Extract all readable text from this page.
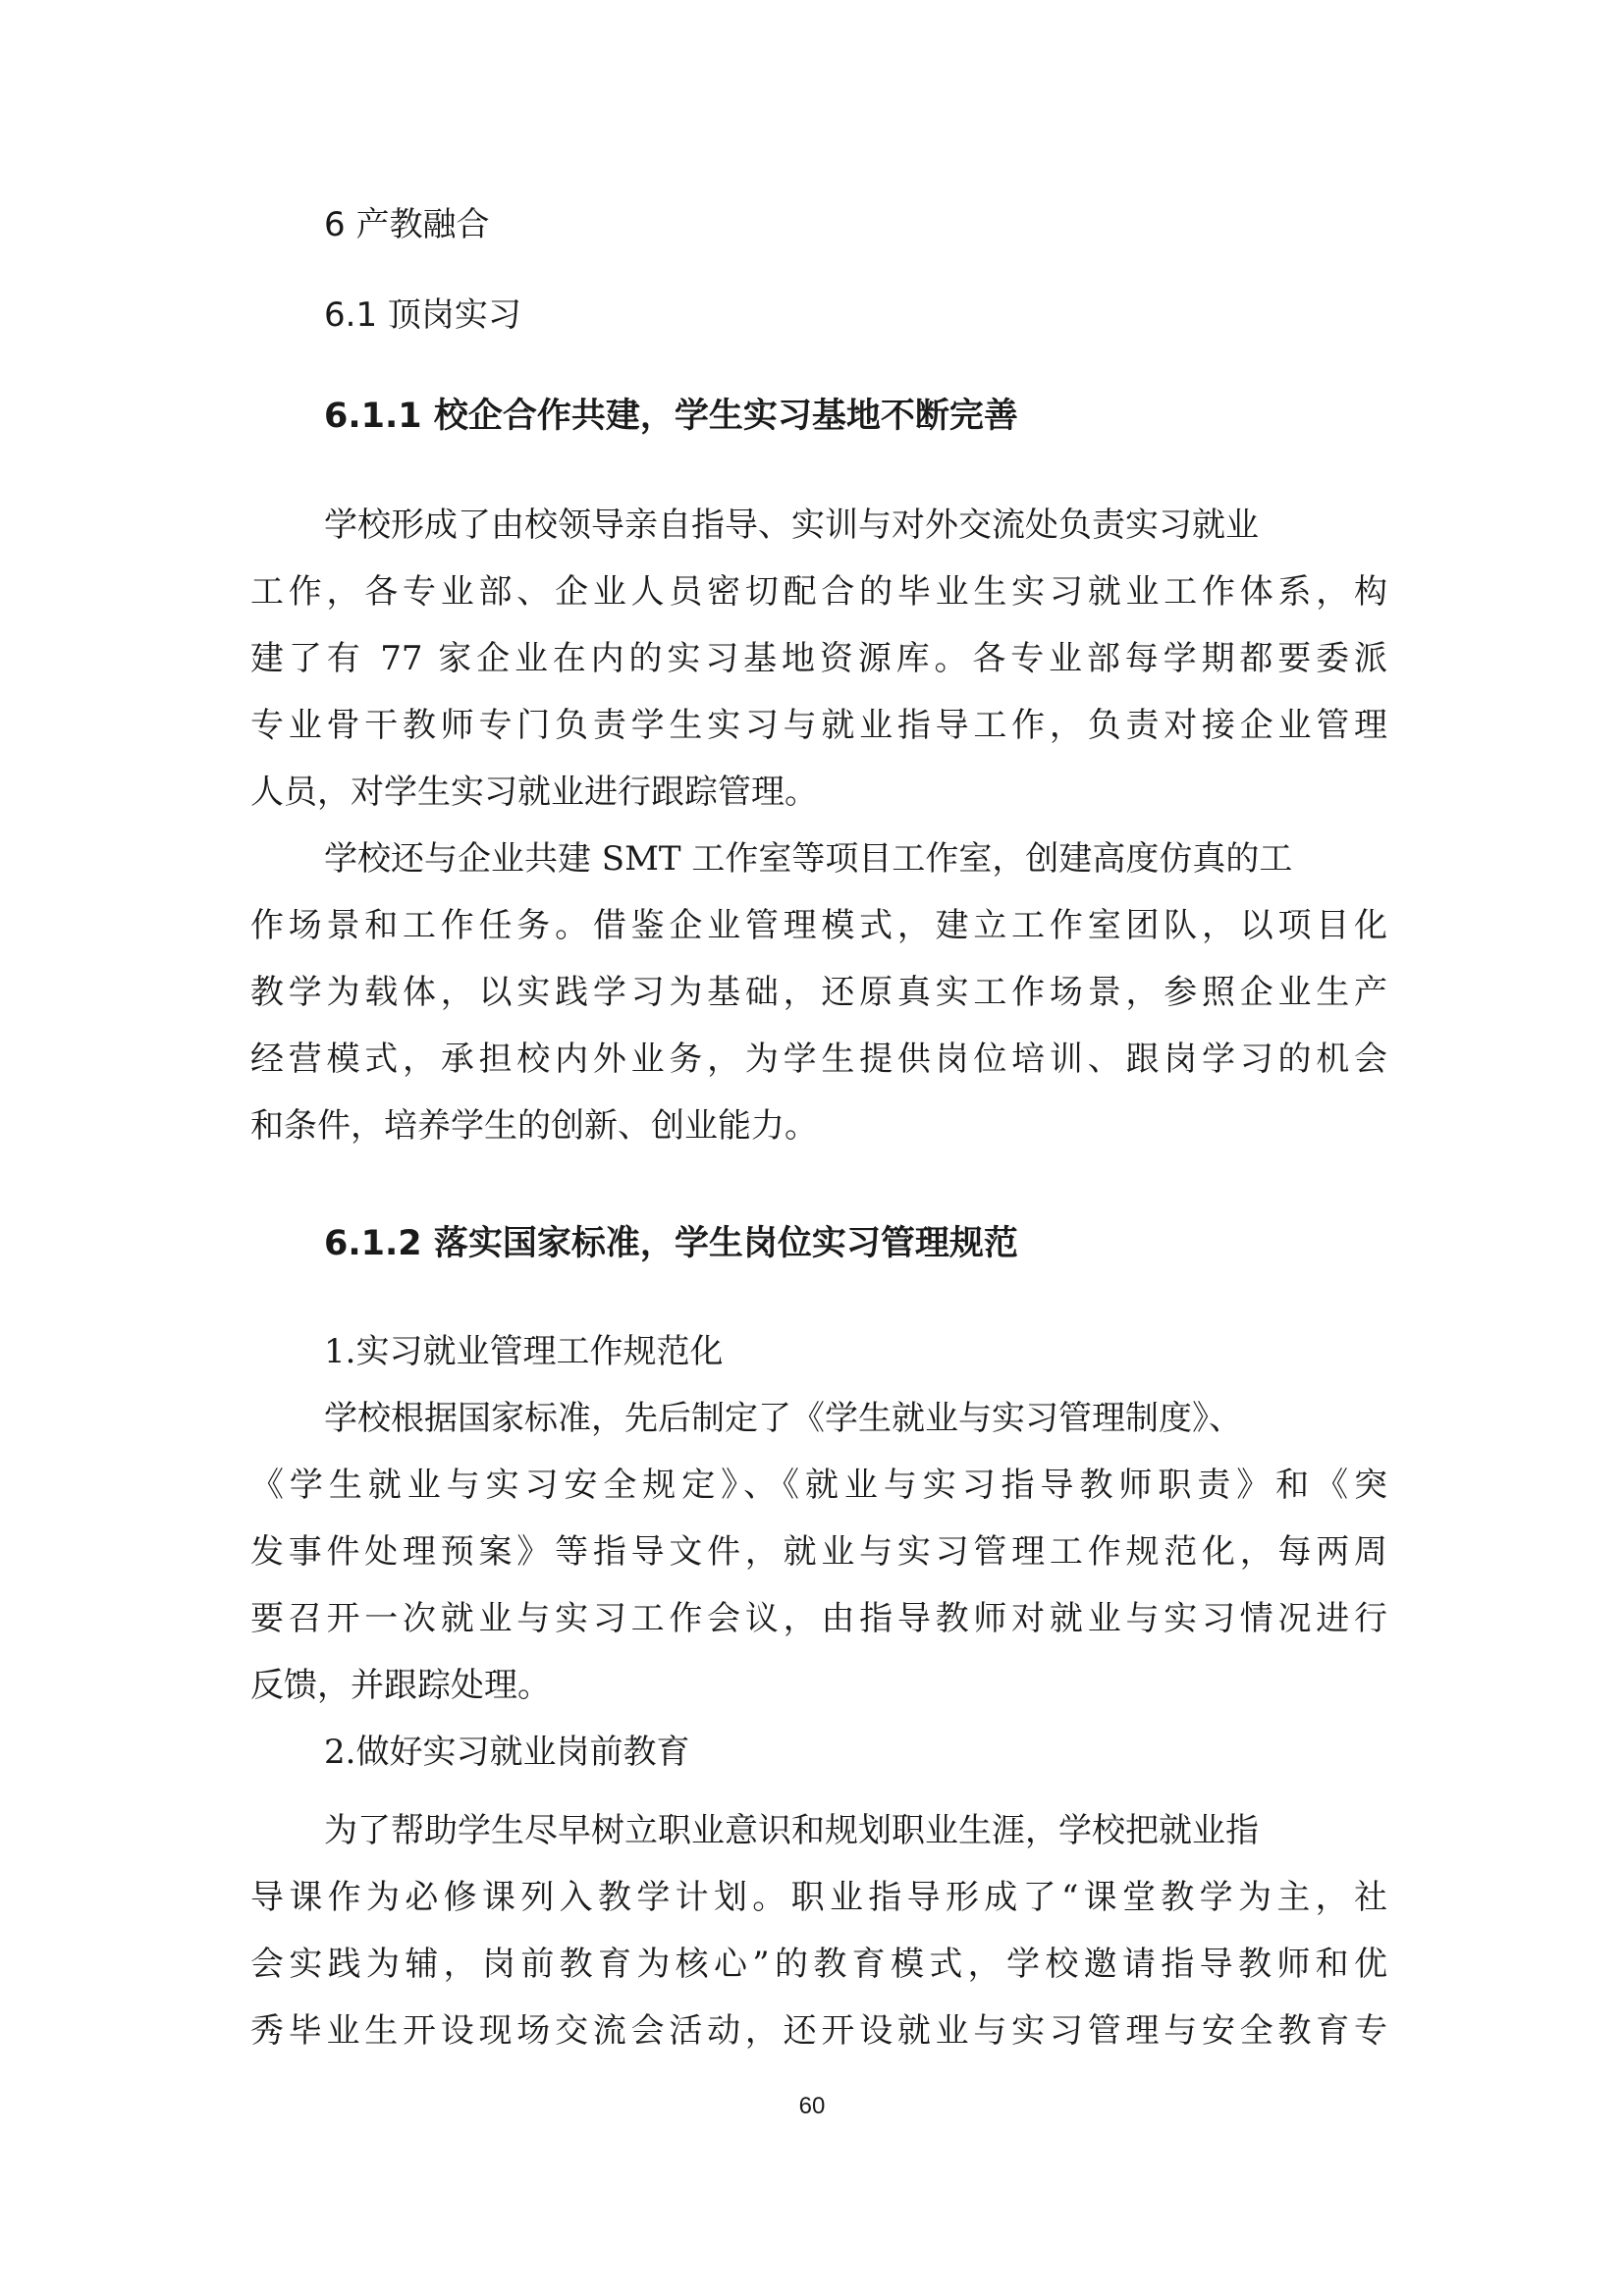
6 产教融合
6.1 顶岗实习
6.1.1 校企合作共建，学生实习基地不断完善
学校形成了由校领导亲自指导、实训与对外交流处负责实习就业
工作，各专业部、企业人员密切配合的毕业生实习就业工作体系，构
建了有 77 家企业在内的实习基地资源库。各专业部每学期都要委派
专业骨干教师专门负责学生实习与就业指导工作，负责对接企业管理
人员，对学生实习就业进行跟踪管理。
学校还与企业共建 SMT 工作室等项目工作室，创建高度仿真的工
作场景和工作任务。借鉴企业管理模式，建立工作室团队，以项目化
教学为载体，以实践学习为基础，还原真实工作场景，参照企业生产
经营模式，承担校内外业务，为学生提供岗位培训、跟岗学习的机会
和条件，培养学生的创新、创业能力。
6.1.2 落实国家标准，学生岗位实习管理规范
1.实习就业管理工作规范化
学校根据国家标准，先后制定了《学生就业与实习管理制度》、
《学生就业与实习安全规定》、《就业与实习指导教师职责》和《突
发事件处理预案》等指导文件，就业与实习管理工作规范化，每两周
要召开一次就业与实习工作会议，由指导教师对就业与实习情况进行
反馈，并跟踪处理。
2.做好实习就业岗前教育
为了帮助学生尽早树立职业意识和规划职业生涯，学校把就业指
导课作为必修课列入教学计划。职业指导形成了“课堂教学为主，社
会实践为辅，岗前教育为核心”的教育模式，学校邀请指导教师和优
秀毕业生开设现场交流会活动，还开设就业与实习管理与安全教育专
60
